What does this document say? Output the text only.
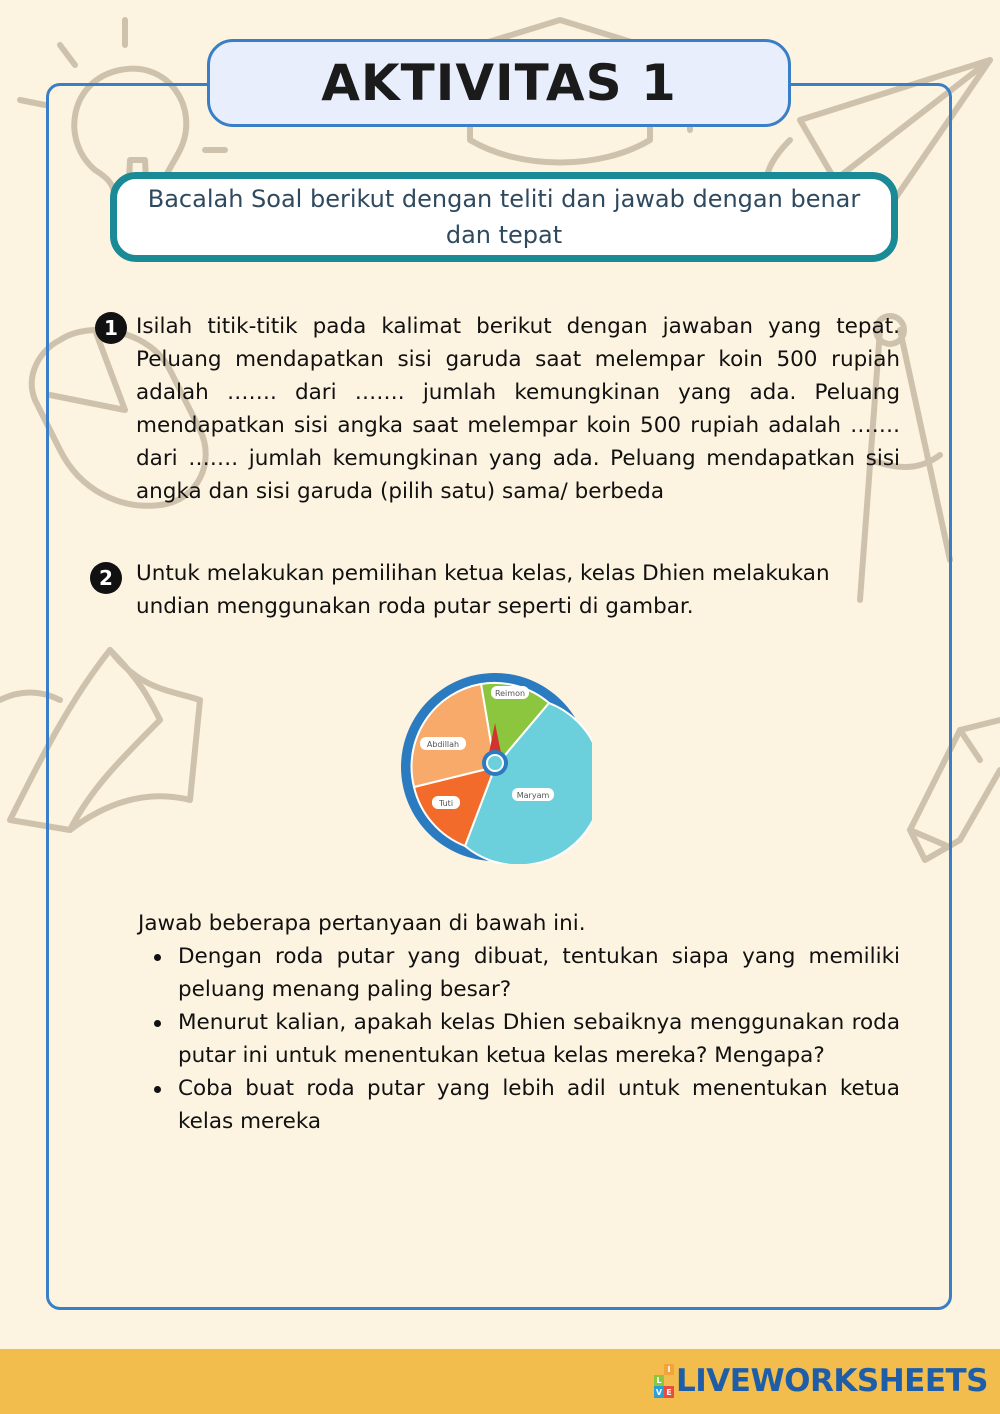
AKTIVITAS 1
Bacalah Soal berikut dengan teliti dan jawab dengan benar dan tepat
1 Isilah titik-titik pada kalimat berikut dengan jawaban yang tepat. Peluang mendapatkan sisi garuda saat melempar koin 500 rupiah adalah ……. dari ……. jumlah kemungkinan yang ada. Peluang mendapatkan sisi angka saat melempar koin 500 rupiah adalah ……. dari ……. jumlah kemungkinan yang ada. Peluang mendapatkan sisi angka dan sisi garuda (pilih satu) sama/ berbeda
2 Untuk melakukan pemilihan ketua kelas, kelas Dhien melakukan undian menggunakan roda putar seperti di gambar.
Reimon
Maryam
Tuti
Abdillah
Jawab beberapa pertanyaan di bawah ini.
Dengan roda putar yang dibuat, tentukan siapa yang memiliki peluang menang paling besar?
Menurut kalian, apakah kelas Dhien sebaiknya menggunakan roda putar ini untuk menentukan ketua kelas mereka? Mengapa?
Coba buat roda putar yang lebih adil untuk menentukan ketua kelas mereka
L
I
V E LIVEWORKSHEETS
